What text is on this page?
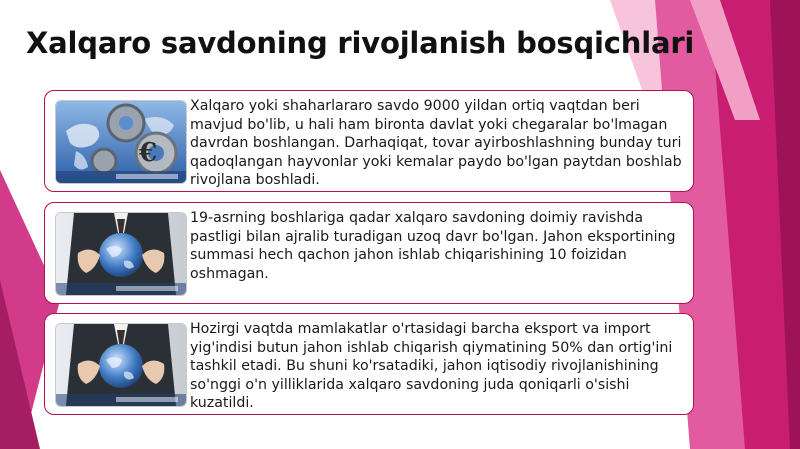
Xalqaro savdoning rivojlanish bosqichlari
€

Xalqaro yoki shaharlararo savdo 9000 yildan ortiq vaqtdan beri mavjud bo'lib, u hali ham bironta davlat yoki chegaralar bo'lmagan davrdan boshlangan. Darhaqiqat, tovar ayirboshlashning bunday turi qadoqlangan hayvonlar yoki kemalar paydo bo'lgan paytdan boshlab rivojlana boshladi.

19-asrning boshlariga qadar xalqaro savdoning doimiy ravishda pastligi bilan ajralib turadigan uzoq davr bo'lgan. Jahon eksportining summasi hech qachon jahon ishlab chiqarishining 10 foizidan oshmagan.

Hozirgi vaqtda mamlakatlar o'rtasidagi barcha eksport va import yig'indisi butun jahon ishlab chiqarish qiymatining 50% dan ortig'ini tashkil etadi. Bu shuni ko'rsatadiki, jahon iqtisodiy rivojlanishining so'nggi o'n yilliklarida xalqaro savdoning juda qoniqarli o'sishi kuzatildi.
